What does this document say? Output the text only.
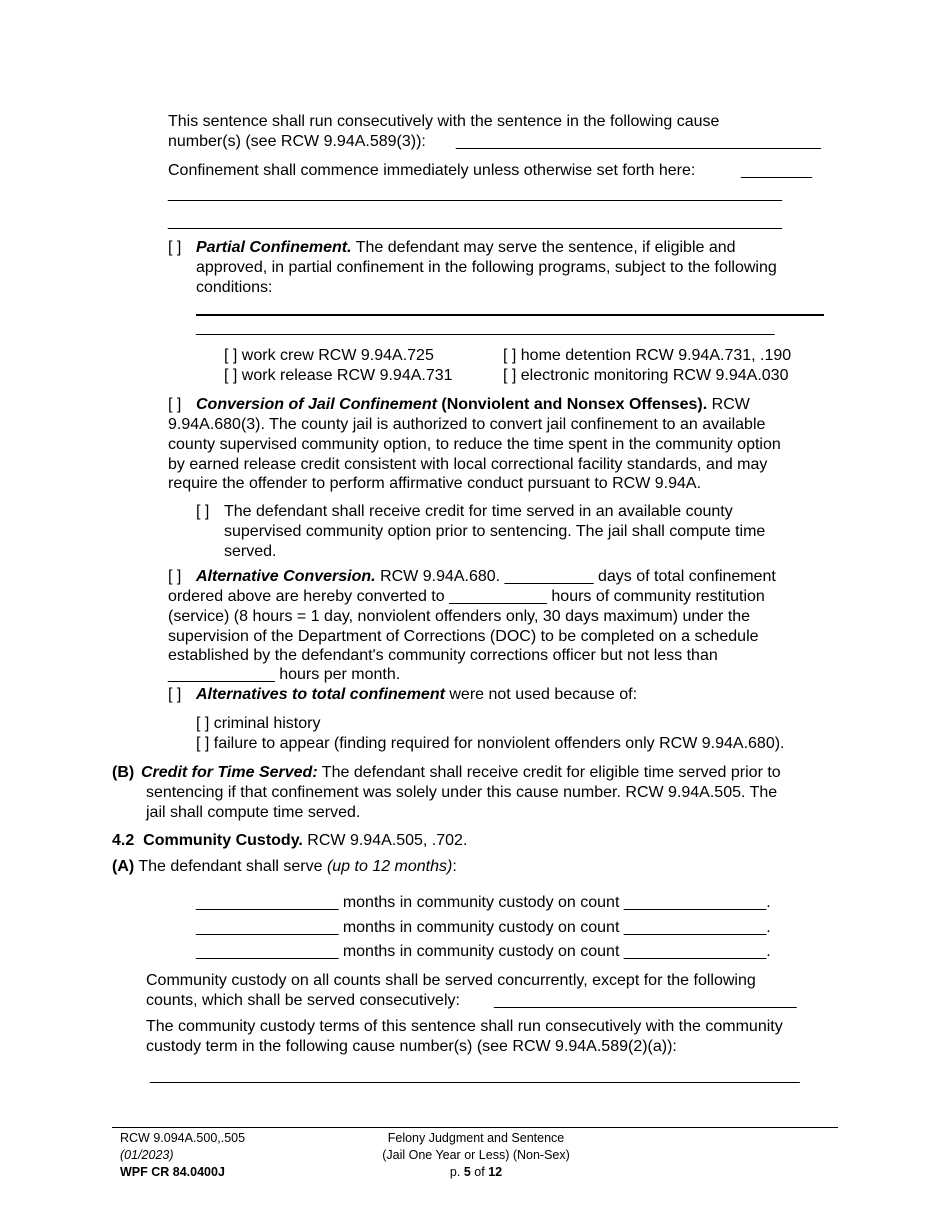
This sentence shall run consecutively with the sentence in the following cause
number(s) (see RCW 9.94A.589(3)): _________________________________________
Confinement shall commence immediately unless otherwise set forth here:	________
_____________________________________________________________________
_____________________________________________________________________
[ ] Partial Confinement. The defendant may serve the sentence, if eligible and
approved, in partial confinement in the following programs, subject to the following
conditions:
_________________________________________________________________
[ ] work crew RCW 9.94A.725	[ ] home detention RCW 9.94A.731, .190
[ ] work release RCW 9.94A.731	[ ] electronic monitoring RCW 9.94A.030
[ ] Conversion of Jail Confinement (Nonviolent and Nonsex Offenses). RCW
9.94A.680(3). The county jail is authorized to convert jail confinement to an available
county supervised community option, to reduce the time spent in the community option
by earned release credit consistent with local correctional facility standards, and may
require the offender to perform affirmative conduct pursuant to RCW 9.94A.
[ ] The defendant shall receive credit for time served in an available county
supervised community option prior to sentencing. The jail shall compute time
served.
[ ] Alternative Conversion. RCW 9.94A.680. __________ days of total confinement
ordered above are hereby converted to ___________ hours of community restitution
(service) (8 hours = 1 day, nonviolent offenders only, 30 days maximum) under the
supervision of the Department of Corrections (DOC) to be completed on a schedule
established by the defendant's community corrections officer but not less than
____________ hours per month.
[ ] Alternatives to total confinement were not used because of:
[ ] criminal history
[ ] failure to appear (finding required for nonviolent offenders only RCW 9.94A.680).
(B) Credit for Time Served: The defendant shall receive credit for eligible time served prior to
sentencing if that confinement was solely under this cause number. RCW 9.94A.505. The
jail shall compute time served.
4.2 Community Custody. RCW 9.94A.505, .702.
(A) The defendant shall serve (up to 12 months):
________________ months in community custody on count ________________.
________________ months in community custody on count ________________.
________________ months in community custody on count ________________.
Community custody on all counts shall be served concurrently, except for the following
counts, which shall be served consecutively: __________________________________
The community custody terms of this sentence shall run consecutively with the community
custody term in the following cause number(s) (see RCW 9.94A.589(2)(a)):
_________________________________________________________________________
RCW 9.094A.500,.505
(01/2023)
WPF CR 84.0400J
Felony Judgment and Sentence
(Jail One Year or Less) (Non-Sex)
p. 5 of 12
